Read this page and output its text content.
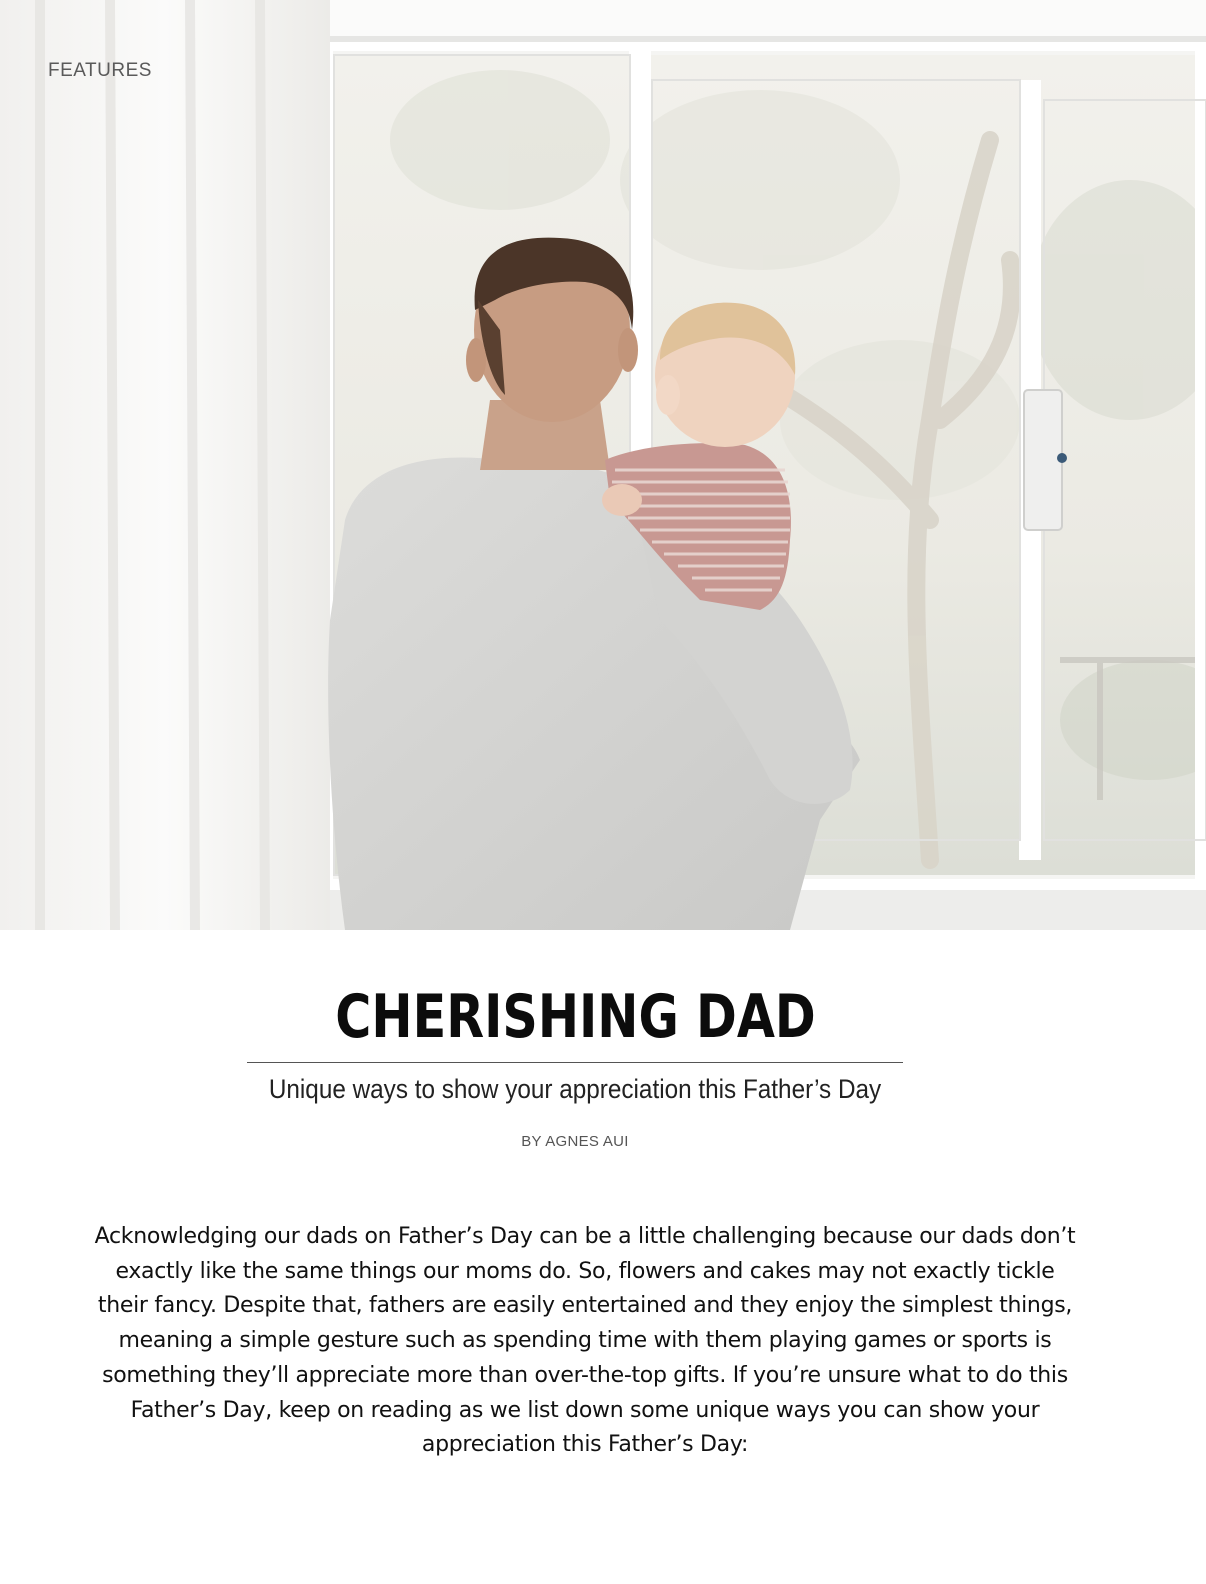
FEATURES
CHERISHING DAD
Unique ways to show your appreciation this Father’s Day
BY AGNES AUI

Acknowledging our dads on Father’s Day can be a little challenging because our dads don’t exactly like the same things our moms do. So, flowers and cakes may not exactly tickle their fancy. Despite that, fathers are easily entertained and they enjoy the simplest things, meaning a simple gesture such as spending time with them playing games or sports is something they’ll appreciate more than over-the-top gifts. If you’re unsure what to do this Father’s Day, keep on reading as we list down some unique ways you can show your appreciation this Father’s Day:
